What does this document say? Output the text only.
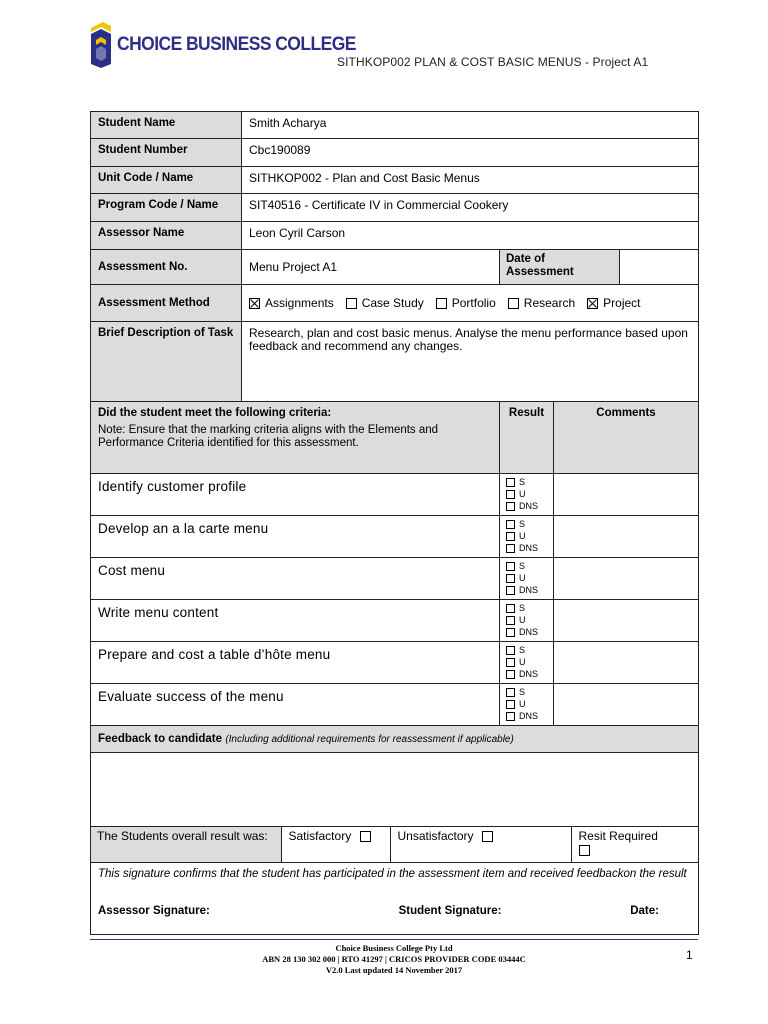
CHOICE BUSINESS COLLEGE
SITHKOP002 PLAN & COST BASIC MENUS - Project A1
Student Name	Smith Acharya
Student Number	Cbc190089
Unit Code / Name	SITHKOP002 - Plan and Cost Basic Menus
Program Code / Name	SIT40516 - Certificate IV in Commercial Cookery
Assessor Name	Leon Cyril Carson
Assessment No.	Menu Project A1	Date of Assessment	
Assessment Method	Assignments Case Study Portfolio Research Project

Brief Description of Task	Research, plan and cost basic menus. Analyse the menu performance based upon feedback and recommend any changes.

Did the student meet the following criteria:
Note: Ensure that the marking criteria aligns with the Elements and Performance Criteria identified for this assessment.
	Result	Comments
Identify customer profile	S
U
DNS

Develop an a la carte menu	S
U
DNS

Cost menu	S
U
DNS

Write menu content	S
U
DNS

Prepare and cost a table d’hôte menu	S
U
DNS

Evaluate success of the menu	S
U
DNS

Feedback to candidate (Including additional requirements for reassessment if applicable)

The Students overall result was:	Satisfactory	Unsatisfactory	Resit Required

This signature confirms that the student has participated in the assessment item and received feedbackon the result
Assessor Signature:	Student Signature:	Date:
Choice Business College Pty Ltd
ABN 28 130 302 000 | RTO 41297 | CRICOS PROVIDER CODE 03444C
V2.0 Last updated 14 November 2017
1
